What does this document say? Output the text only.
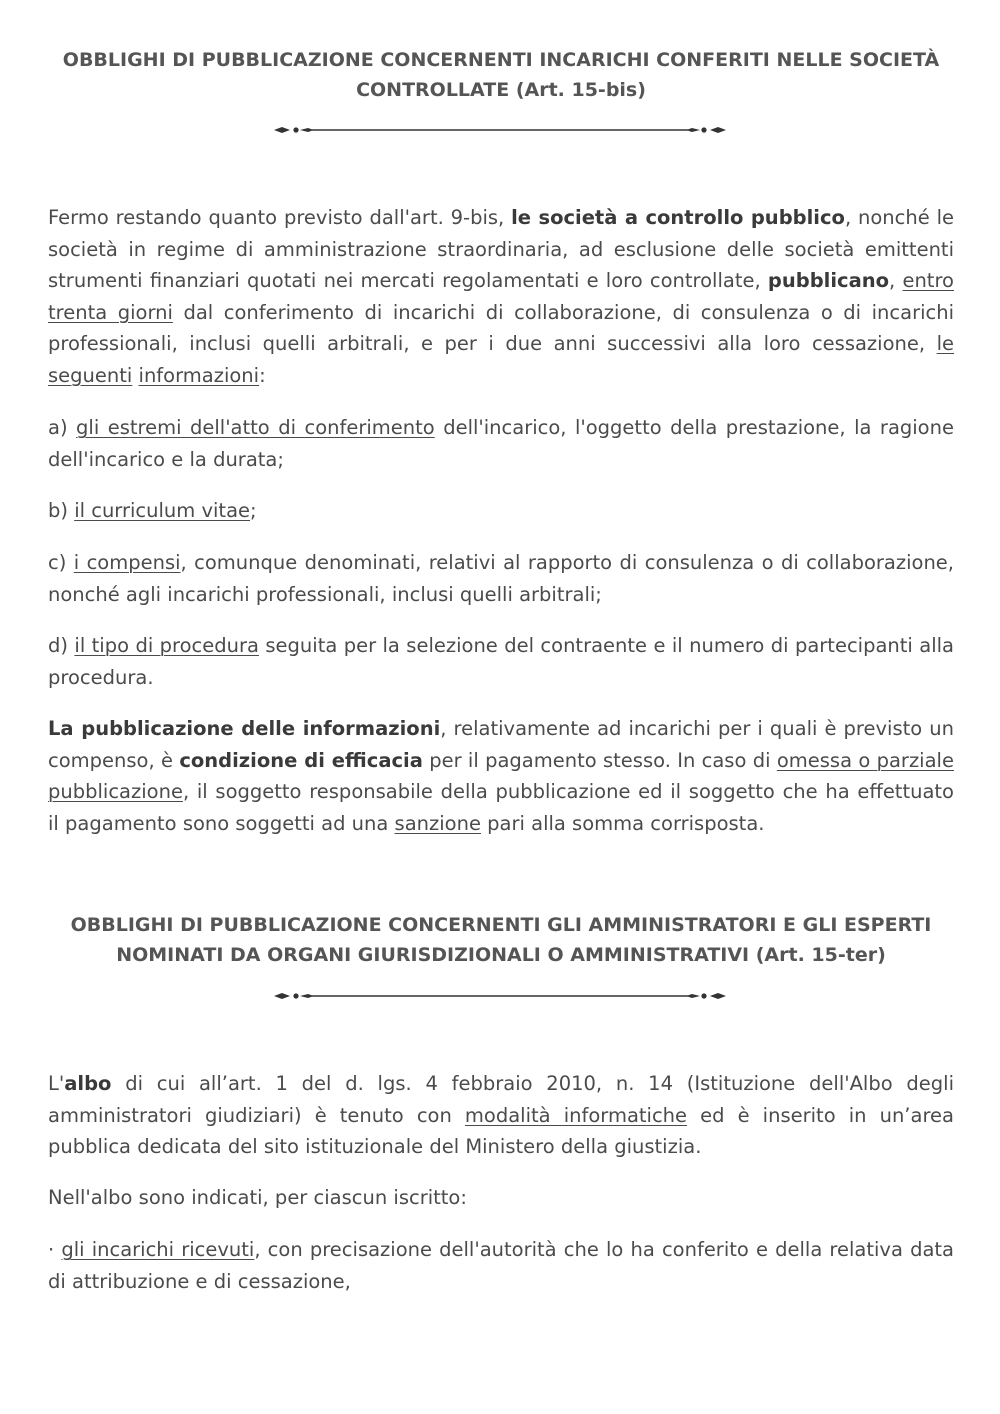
OBBLIGHI DI PUBBLICAZIONE CONCERNENTI INCARICHI CONFERITI NELLE SOCIETÀ
CONTROLLATE (Art. 15-bis)

Fermo restando quanto previsto dall'art. 9-bis, le società a controllo pubblico, nonché le società in regime di amministrazione straordinaria, ad esclusione delle società emittenti strumenti finanziari quotati nei mercati regolamentati e loro controllate, pubblicano, entro trenta giorni dal conferimento di incarichi di collaborazione, di consulenza o di incarichi professionali, inclusi quelli arbitrali, e per i due anni successivi alla loro cessazione, le seguenti informazioni:

a) gli estremi dell'atto di conferimento dell'incarico, l'oggetto della prestazione, la ragione dell'incarico e la durata;

b) il curriculum vitae;

c) i compensi, comunque denominati, relativi al rapporto di consulenza o di collaborazione, nonché agli incarichi professionali, inclusi quelli arbitrali;

d) il tipo di procedura seguita per la selezione del contraente e il numero di partecipanti alla procedura.

La pubblicazione delle informazioni, relativamente ad incarichi per i quali è previsto un compenso, è condizione di efficacia per il pagamento stesso. In caso di omessa o parziale pubblicazione, il soggetto responsabile della pubblicazione ed il soggetto che ha effettuato il pagamento sono soggetti ad una sanzione pari alla somma corrisposta.

OBBLIGHI DI PUBBLICAZIONE CONCERNENTI GLI AMMINISTRATORI E GLI ESPERTI
NOMINATI DA ORGANI GIURISDIZIONALI O AMMINISTRATIVI (Art. 15-ter)

L'albo di cui all’art. 1 del d. lgs. 4 febbraio 2010, n. 14 (Istituzione dell'Albo degli amministratori giudiziari) è tenuto con modalità informatiche ed è inserito in un’area pubblica dedicata del sito istituzionale del Ministero della giustizia.

Nell'albo sono indicati, per ciascun iscritto:

· gli incarichi ricevuti, con precisazione dell'autorità che lo ha conferito e della relativa data di attribuzione e di cessazione,
